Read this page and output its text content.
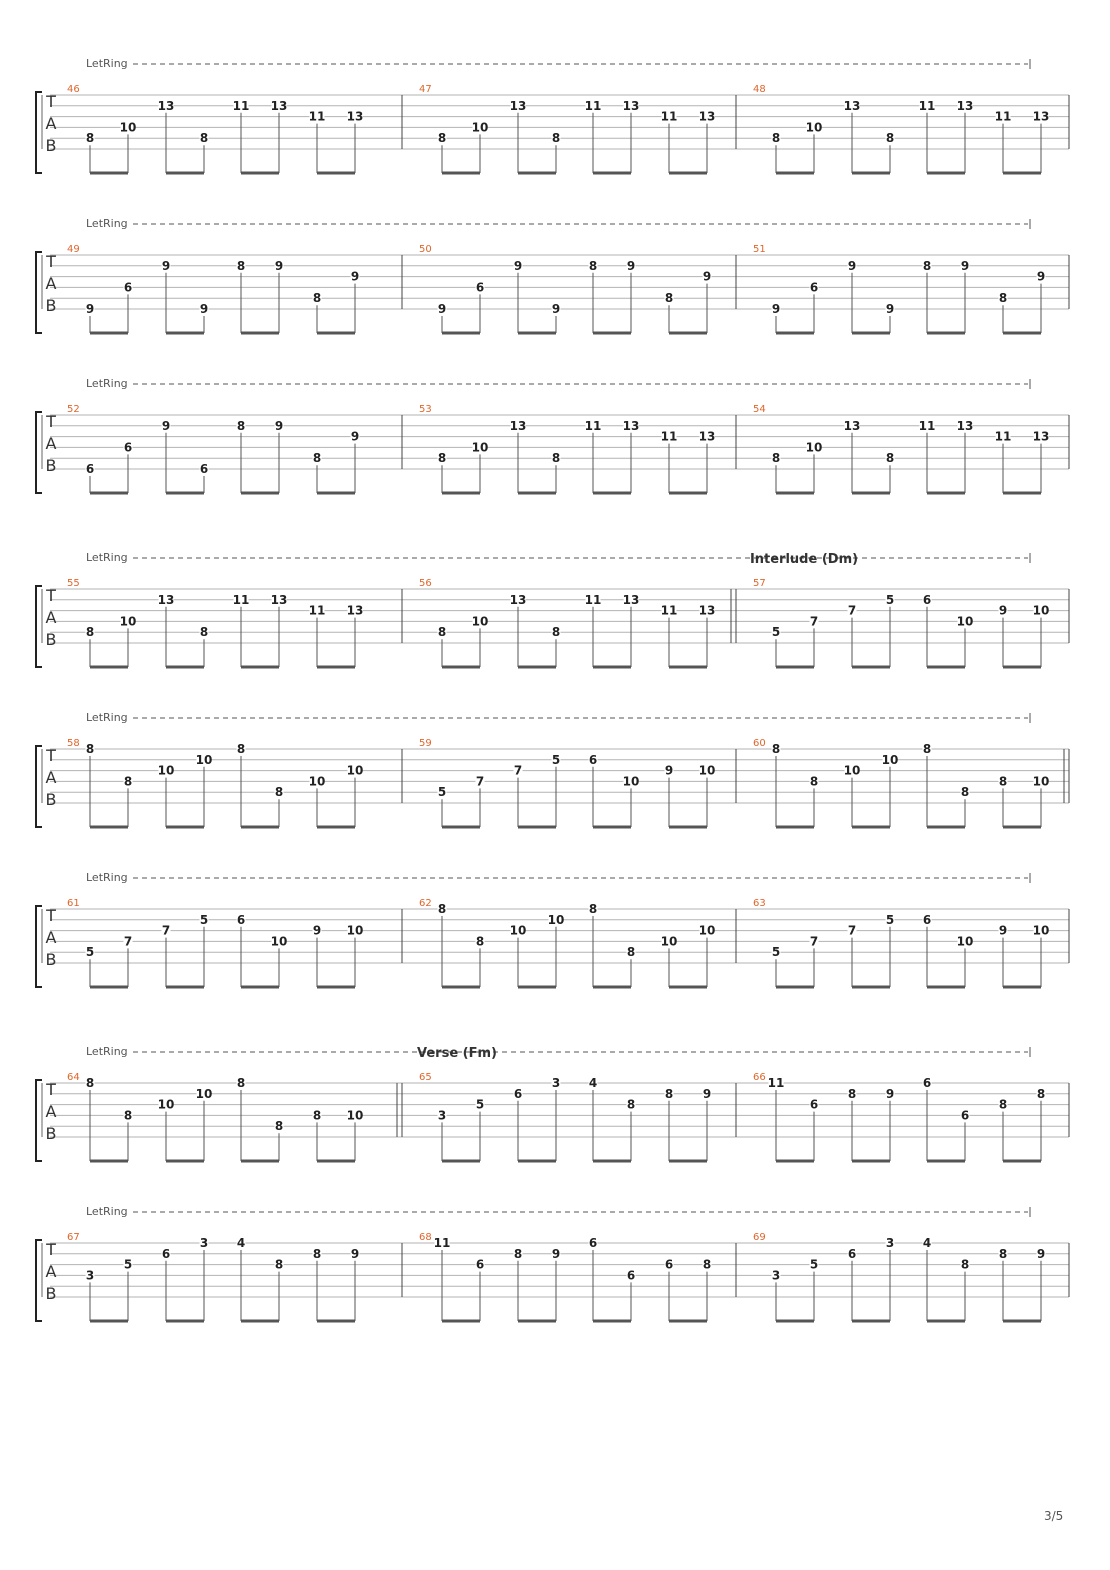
LetRing
T
A
B
46
8
10
13
8
11 13
11 13
47
8
10
13
8
11 13
11 13
48
8
10
13
8
11 13
11 13
LetRing
T
A
B
49
9
6
9
9
8 9
8
9
50
9
6
9
9
8 9
8
9
51
9
6
9
9
8 9
8
9
LetRing
T
A
B
52
6
6
9
6
8 9
8
9
53
8
10
13
8
11 13
11 13
54
8
10
13
8
11 13
11 13
LetRing	Interlude (Dm)
T
A
B
55
8
10
13
8
11 13
11 13
56
8
10
13
8
11 13
11 13
57
5
7
7
5 6
10
9 10
LetRing
T
A
B
58 8
8
10
10
8
8
10
10
59
5
7
7
5 6
10
9 10
60 8
8
10
10
8
8
8 10
LetRing
T
A
B
61
5
7
7
5 6
10
9 10
62 8
8
10
10
8
8
10
10
63
5
7
7
5 6
10
9 10
LetRing	Verse (Fm)
T
A
B
64 8
8
10
10
8
8
8 10
65
3
5
6
3 4
8
8 9
66 11
6
8 9
6
6
8
8
LetRing
T
A
B
67
3
5
6
3 4
8
8 9
68 11
6
8 9
6
6
6 8
69
3
5
6
3 4
8
8 9
3/5
